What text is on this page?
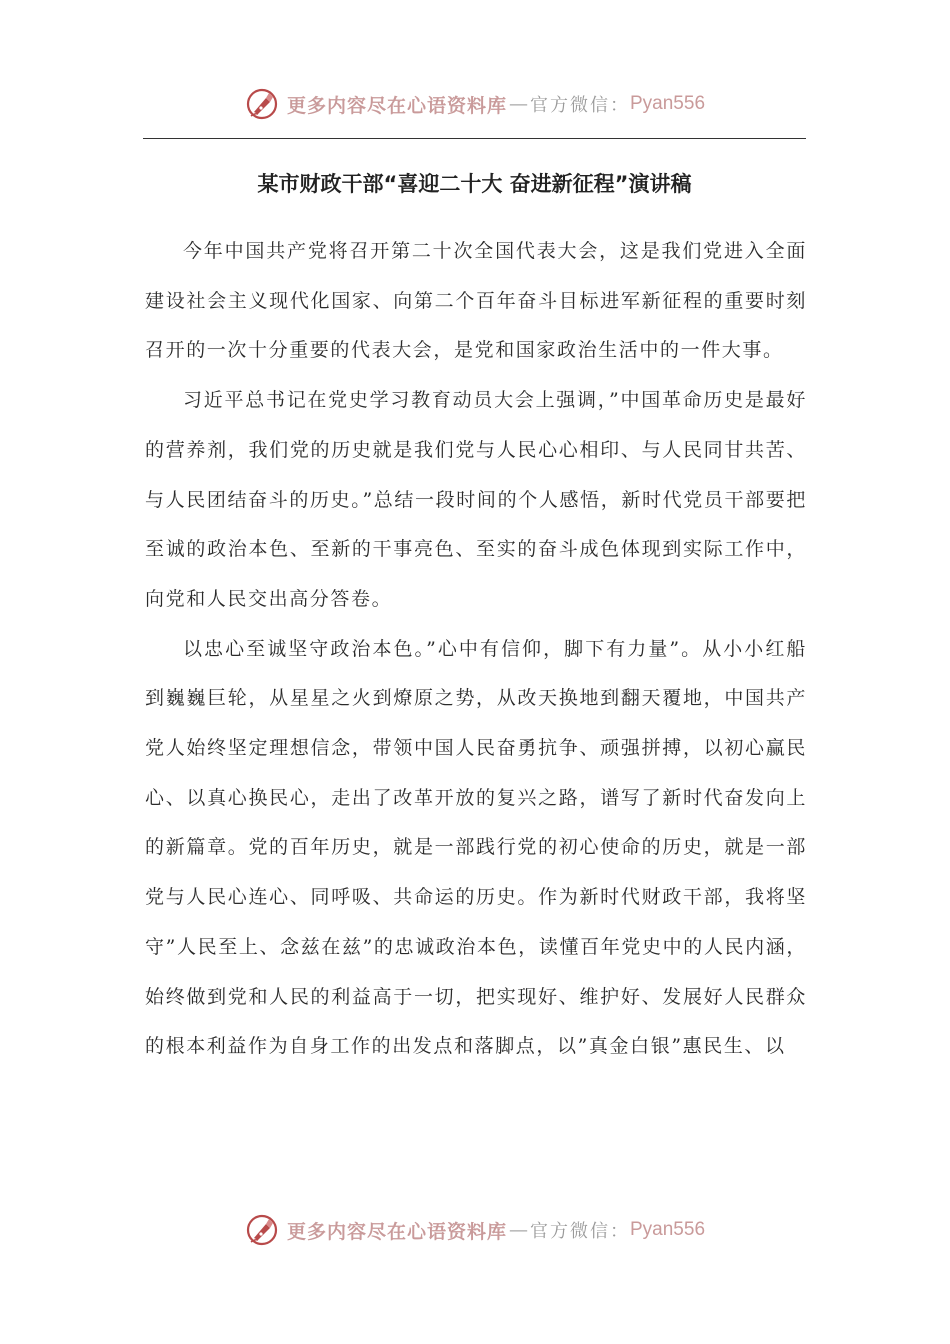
更多内容尽在心语资料库 — 官方微信： Pyan556
某市财政干部“喜迎二十大 奋进新征程”演讲稿

今年中国共产党将召开第二十次全国代表大会，这是我们党进入全面建设社会主义现代化国家、向第二个百年奋斗目标进军新征程的重要时刻召开的一次十分重要的代表大会，是党和国家政治生活中的一件大事。

习近平总书记在党史学习教育动员大会上强调，”中国革命历史是最好的营养剂，我们党的历史就是我们党与人民心心相印、与人民同甘共苦、与人民团结奋斗的历史。”总结一段时间的个人感悟，新时代党员干部要把至诚的政治本色、至新的干事亮色、至实的奋斗成色体现到实际工作中，向党和人民交出高分答卷。

以忠心至诚坚守政治本色。”心中有信仰，脚下有力量”。从小小红船到巍巍巨轮，从星星之火到燎原之势，从改天换地到翻天覆地，中国共产党人始终坚定理想信念，带领中国人民奋勇抗争、顽强拼搏，以初心赢民心、以真心换民心，走出了改革开放的复兴之路，谱写了新时代奋发向上的新篇章。党的百年历史，就是一部践行党的初心使命的历史，就是一部党与人民心连心、同呼吸、共命运的历史。作为新时代财政干部，我将坚守”人民至上、念兹在兹”的忠诚政治本色，读懂百年党史中的人民内涵，始终做到党和人民的利益高于一切，把实现好、维护好、发展好人民群众的根本利益作为自身工作的出发点和落脚点，以”真金白银”惠民生、以

更多内容尽在心语资料库 — 官方微信： Pyan556
